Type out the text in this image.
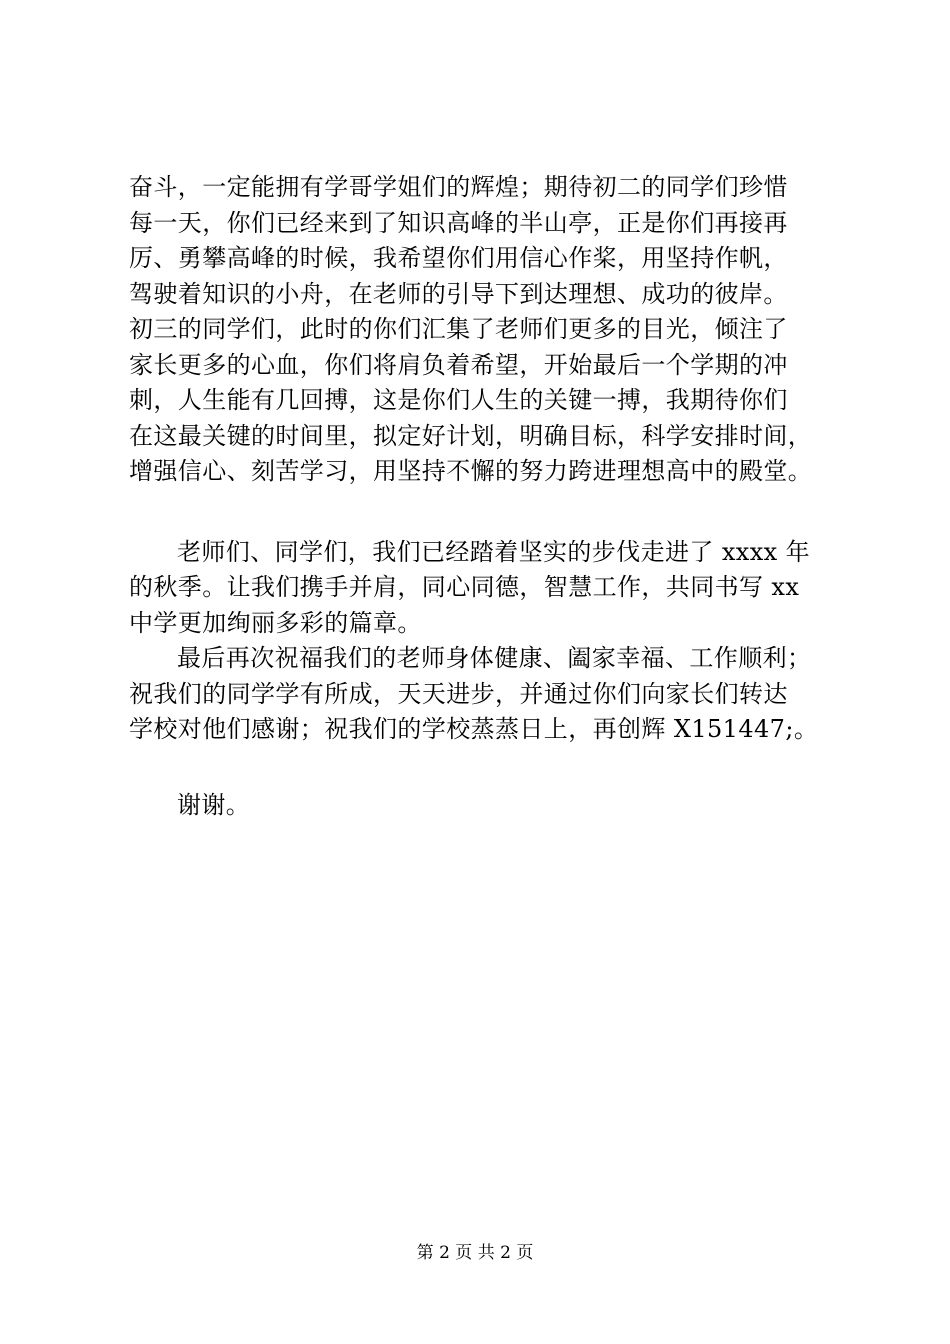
奋斗，一定能拥有学哥学姐们的辉煌；期待初二的同学们珍惜
每一天，你们已经来到了知识高峰的半山亭，正是你们再接再
厉、勇攀高峰的时候，我希望你们用信心作桨，用坚持作帆，
驾驶着知识的小舟，在老师的引导下到达理想、成功的彼岸。
初三的同学们，此时的你们汇集了老师们更多的目光，倾注了
家长更多的心血，你们将肩负着希望，开始最后一个学期的冲
刺，人生能有几回搏，这是你们人生的关键一搏，我期待你们
在这最关键的时间里，拟定好计划，明确目标，科学安排时间，
增强信心、刻苦学习，用坚持不懈的努力跨进理想高中的殿堂。
老师们、同学们，我们已经踏着坚实的步伐走进了 xxxx 年
的秋季。让我们携手并肩，同心同德，智慧工作，共同书写 xx
中学更加绚丽多彩的篇章。
最后再次祝福我们的老师身体健康、阖家幸福、工作顺利；
祝我们的同学学有所成，天天进步，并通过你们向家长们转达
学校对他们感谢；祝我们的学校蒸蒸日上，再创辉 X151447;。
谢谢。
第 2 页 共 2 页
